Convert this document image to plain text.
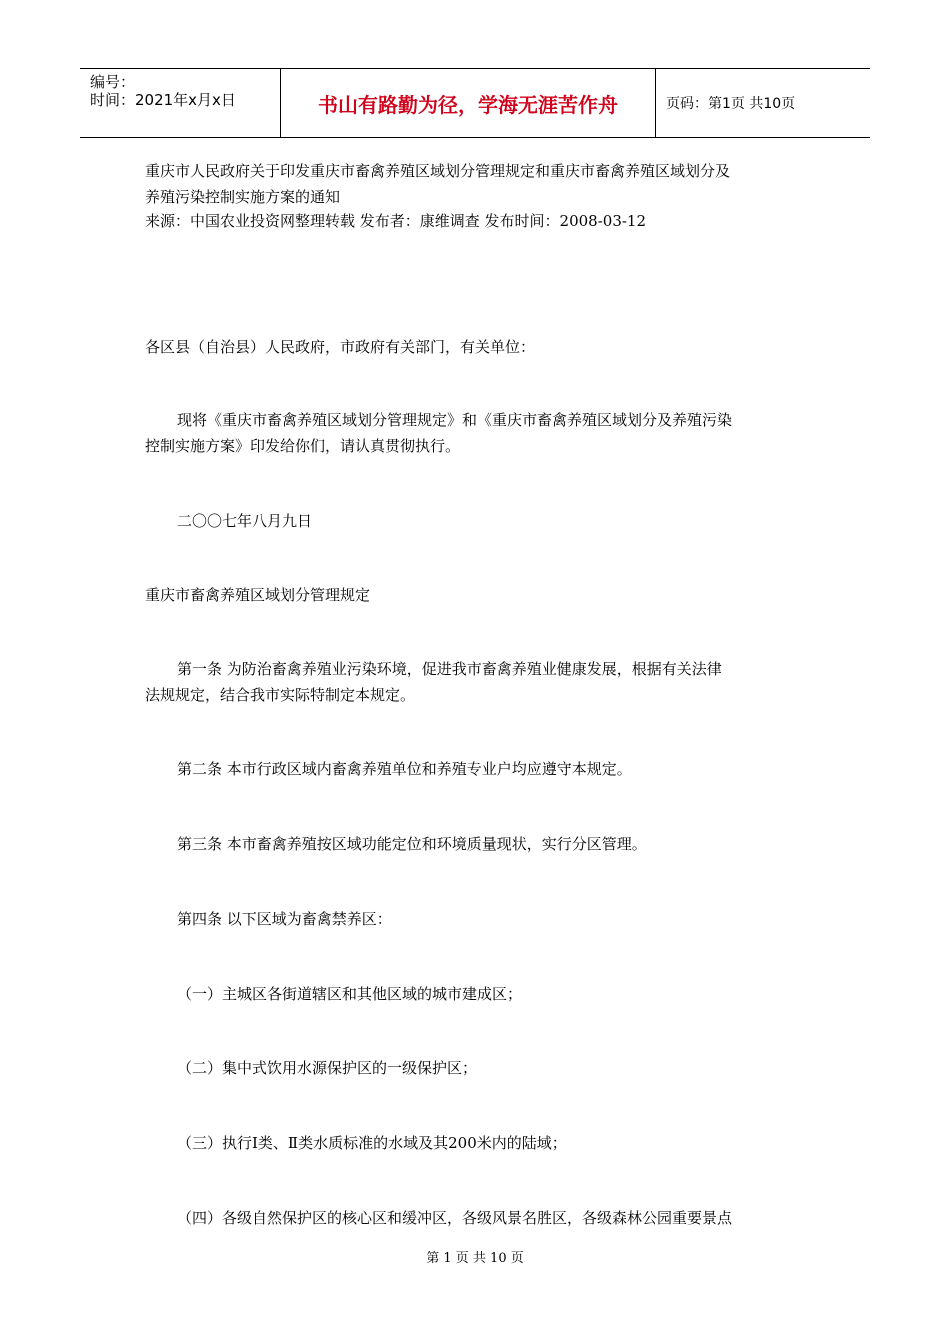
编号：
时间：2021年x月x日	书山有路勤为径，学海无涯苦作舟	页码：第1页 共10页
重庆市人民政府关于印发重庆市畜禽养殖区域划分管理规定和重庆市畜禽养殖区域划分及
养殖污染控制实施方案的通知
来源：中国农业投资网整理转载 发布者：康维调查 发布时间：2008-03-12
各区县（自治县）人民政府，市政府有关部门，有关单位：
现将《重庆市畜禽养殖区域划分管理规定》和《重庆市畜禽养殖区域划分及养殖污染
控制实施方案》印发给你们，请认真贯彻执行。
二〇〇七年八月九日
重庆市畜禽养殖区域划分管理规定
第一条 为防治畜禽养殖业污染环境，促进我市畜禽养殖业健康发展，根据有关法律
法规规定，结合我市实际特制定本规定。
第二条 本市行政区域内畜禽养殖单位和养殖专业户均应遵守本规定。
第三条 本市畜禽养殖按区域功能定位和环境质量现状，实行分区管理。
第四条 以下区域为畜禽禁养区：
（一）主城区各街道辖区和其他区域的城市建成区；
（二）集中式饮用水源保护区的一级保护区；
（三）执行Ⅰ类、Ⅱ类水质标准的水域及其200米内的陆域；
（四）各级自然保护区的核心区和缓冲区，各级风景名胜区，各级森林公园重要景点
第 1 页 共 10 页
